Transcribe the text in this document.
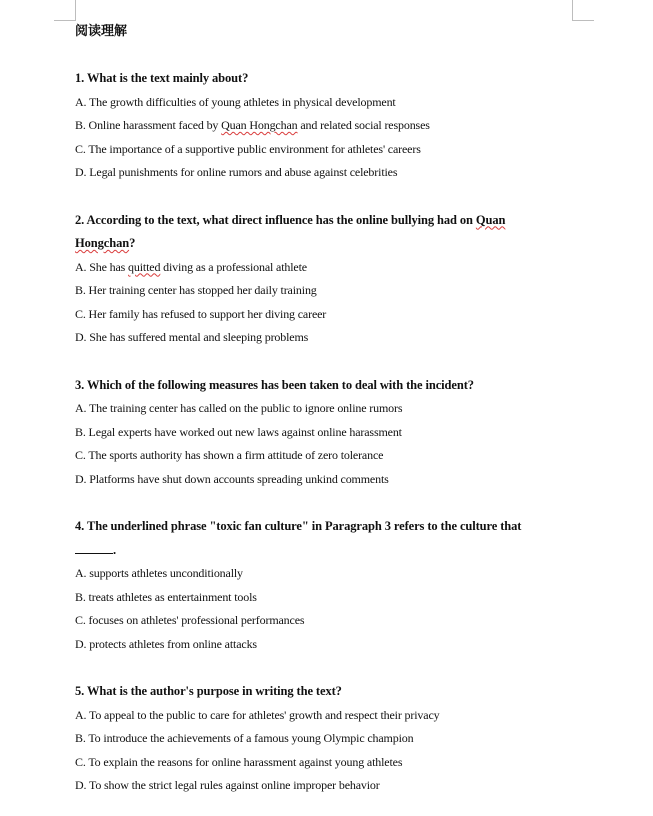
阅读理解
1. What is the text mainly about?
A. The growth difficulties of young athletes in physical development
B. Online harassment faced by Quan Hongchan and related social responses
C. The importance of a supportive public environment for athletes' careers
D. Legal punishments for online rumors and abuse against celebrities
2. According to the text, what direct influence has the online bullying had on Quan
Hongchan?
A. She has quitted diving as a professional athlete
B. Her training center has stopped her daily training
C. Her family has refused to support her diving career
D. She has suffered mental and sleeping problems
3. Which of the following measures has been taken to deal with the incident?
A. The training center has called on the public to ignore online rumors
B. Legal experts have worked out new laws against online harassment
C. The sports authority has shown a firm attitude of zero tolerance
D. Platforms have shut down accounts spreading unkind comments
4. The underlined phrase "toxic fan culture" in Paragraph 3 refers to the culture that
.
A. supports athletes unconditionally
B. treats athletes as entertainment tools
C. focuses on athletes' professional performances
D. protects athletes from online attacks
5. What is the author's purpose in writing the text?
A. To appeal to the public to care for athletes' growth and respect their privacy
B. To introduce the achievements of a famous young Olympic champion
C. To explain the reasons for online harassment against young athletes
D. To show the strict legal rules against online improper behavior
